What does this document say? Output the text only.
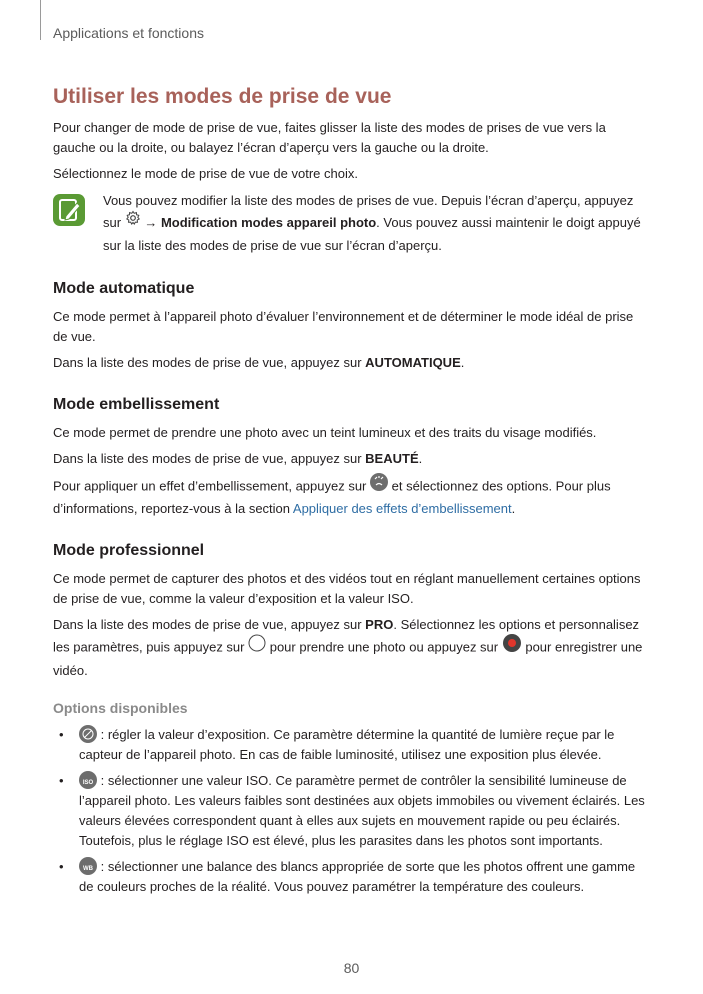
Applications et fonctions
Utiliser les modes de prise de vue

Pour changer de mode de prise de vue, faites glisser la liste des modes de prises de vue vers la gauche ou la droite, ou balayez l’écran d’aperçu vers la gauche ou la droite.

Sélectionnez le mode de prise de vue de votre choix.

Vous pouvez modifier la liste des modes de prises de vue. Depuis l’écran d’aperçu, appuyez sur → Modification modes appareil photo. Vous pouvez aussi maintenir le doigt appuyé sur la liste des modes de prise de vue sur l’écran d’aperçu.
Mode automatique

Ce mode permet à l’appareil photo d’évaluer l’environnement et de déterminer le mode idéal de prise de vue.

Dans la liste des modes de prise de vue, appuyez sur AUTOMATIQUE.

Mode embellissement

Ce mode permet de prendre une photo avec un teint lumineux et des traits du visage modifiés.

Dans la liste des modes de prise de vue, appuyez sur BEAUTÉ.

Pour appliquer un effet d’embellissement, appuyez sur  et sélectionnez des options. Pour plus d’informations, reportez-vous à la section Appliquer des effets d’embellissement.

Mode professionnel

Ce mode permet de capturer des photos et des vidéos tout en réglant manuellement certaines options de prise de vue, comme la valeur d’exposition et la valeur ISO.

Dans la liste des modes de prise de vue, appuyez sur PRO. Sélectionnez les options et personnalisez les paramètres, puis appuyez sur  pour prendre une photo ou appuyez sur  pour enregistrer une vidéo.

Options disponibles
•	: régler la valeur d’exposition. Ce paramètre détermine la quantité de lumière reçue par le capteur de l’appareil photo. En cas de faible luminosité, utilisez une exposition plus élevée.
•	ISO : sélectionner une valeur ISO. Ce paramètre permet de contrôler la sensibilité lumineuse de l’appareil photo. Les valeurs faibles sont destinées aux objets immobiles ou vivement éclairés. Les valeurs élevées correspondent quant à elles aux sujets en mouvement rapide ou peu éclairés. Toutefois, plus le réglage ISO est élevé, plus les parasites dans les photos sont importants.
•	WB : sélectionner une balance des blancs appropriée de sorte que les photos offrent une gamme de couleurs proches de la réalité. Vous pouvez paramétrer la température des couleurs.
80
